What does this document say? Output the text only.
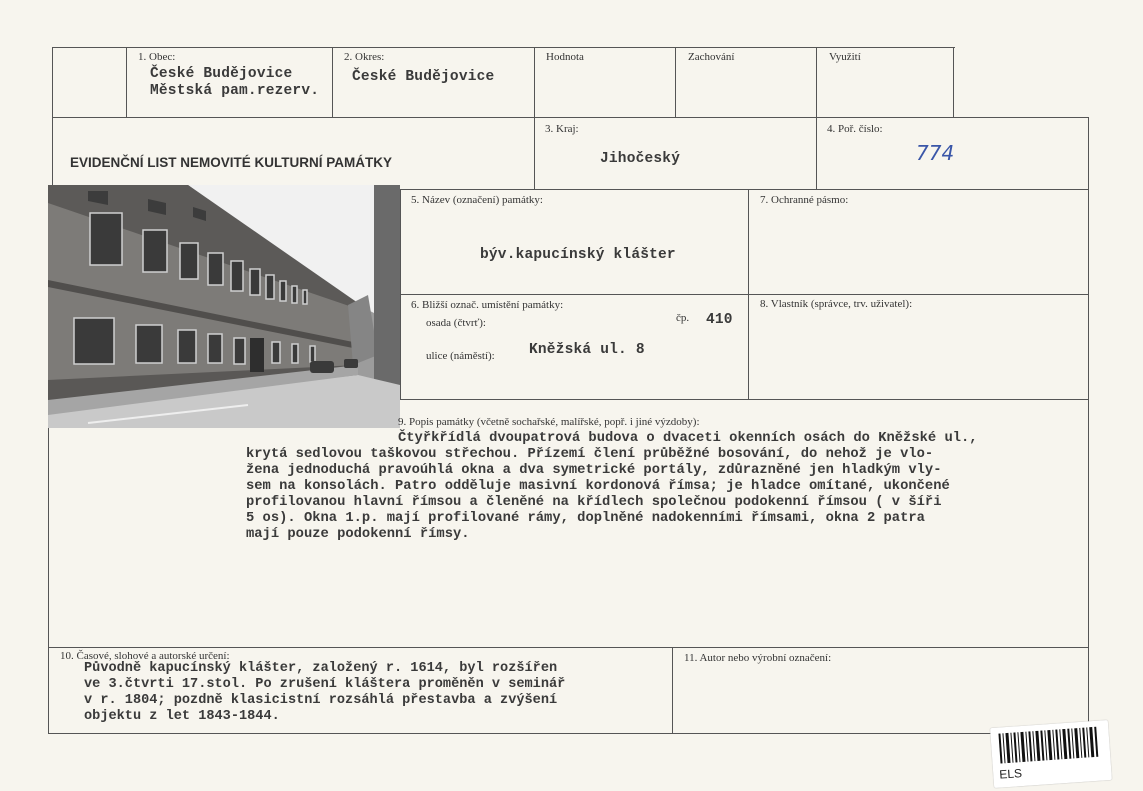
1. Obec:
České Budějovice
Městská pam.rezerv.
2. Okres:
České Budějovice
Hodnota	Zachování	Využití
EVIDENČNÍ LIST NEMOVITÉ KULTURNÍ PAMÁTKY
3. Kraj:
Jihočeský
4. Poř. číslo:
774
5. Název (označení) památky:
býv.kapucínský klášter
7. Ochranné pásmo:
6. Bližší označ. umístění památky:
osada (čtvrť):	čp. 410
ulice (náměstí): Kněžská ul. 8
8. Vlastník (správce, trv. uživatel):
9. Popis památky (včetně sochařské, malířské, popř. i jiné výzdoby):
Čtyřkřídlá dvoupatrová budova o dvaceti okenních osách do Kněžské ul.,
krytá sedlovou taškovou střechou. Přízemí člení průběžné bosování, do nehož je vlo-
žena jednoduchá pravoúhlá okna a dva symetrické portály, zdůrazněné jen hladkým vly-
sem na konsolách. Patro odděluje masivní kordonová římsa; je hladce omítané, ukončené
profilovanou hlavní římsou a členěné na křídlech společnou podokenní římsou ( v šíři
5 os). Okna 1.p. mají profilované rámy, doplněné nadokenními římsami, okna 2 patra
mají pouze podokenní římsy.
10. Časové, slohové a autorské určení:
Původně kapucínský klášter, založený r. 1614, byl rozšířen
ve 3.čtvrti 17.stol. Po zrušení kláštera proměněn v seminář
v r. 1804; pozdně klasicistní rozsáhlá přestavba a zvýšení
objektu z let 1843-1844.
11. Autor nebo výrobní označení:
ELS
